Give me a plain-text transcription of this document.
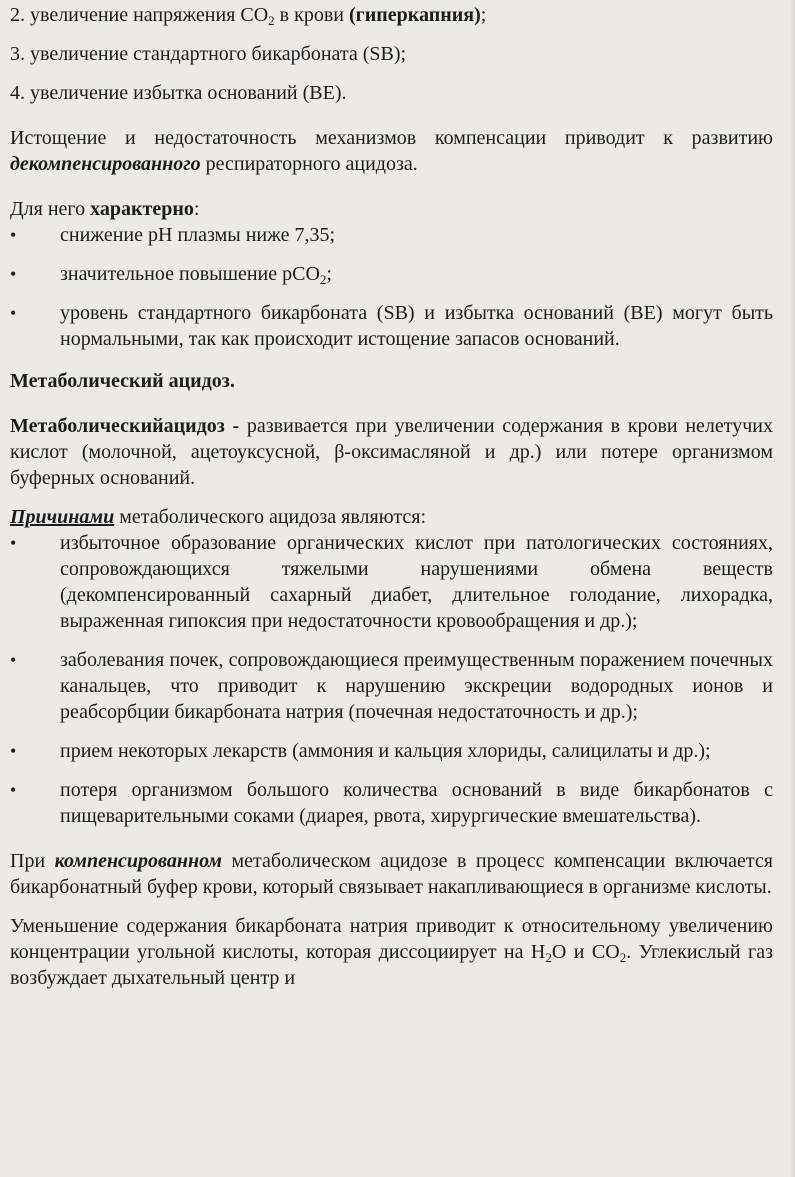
2. увеличение напряжения $CO_2$ в крови (гиперкапния);

3. увеличение стандартного бикарбоната (SB);

4. увеличение избытка оснований (BE).

Истощение и недостаточность механизмов компенсации приводит к развитию декомпенсированного респираторного ацидоза.

Для него характерно:

• снижение pH плазмы ниже 7,35;
• значительное повышение pCO$_2$;
• уровень стандартного бикарбоната (SB) и избытка оснований (BE) могут быть нормальными, так как происходит истощение запасов оснований.

Метаболический ацидоз.

Метаболическийацидоз - развивается при увеличении содержания в крови нелетучих кислот (молочной, ацетоуксусной, β-оксимасляной и др.) или потере организмом буферных оснований.

Причинами метаболического ацидоза являются:

• избыточное образование органических кислот при патологических состояниях, сопровождающихся тяжелыми нарушениями обмена веществ (декомпенсированный сахарный диабет, длительное голодание, лихорадка, выраженная гипоксия при недостаточности кровообращения и др.);
• заболевания почек, сопровождающиеся преимущественным поражением почечных канальцев, что приводит к нарушению экскреции водородных ионов и реабсорбции бикарбоната натрия (почечная недостаточность и др.);
• прием некоторых лекарств (аммония и кальция хлориды, салицилаты и др.);
• потеря организмом большого количества оснований в виде бикарбонатов с пищеварительными соками (диарея, рвота, хирургические вмешательства).

При компенсированном метаболическом ацидозе в процесс компенсации включается бикарбонатный буфер крови, который связывает накапливающиеся в организме кислоты.

Уменьшение содержания бикарбоната натрия приводит к относительному увеличению концентрации угольной кислоты, которая диссоциирует на $H_2O$ и $CO_2$. Углекислый газ возбуждает дыхательный центр и
